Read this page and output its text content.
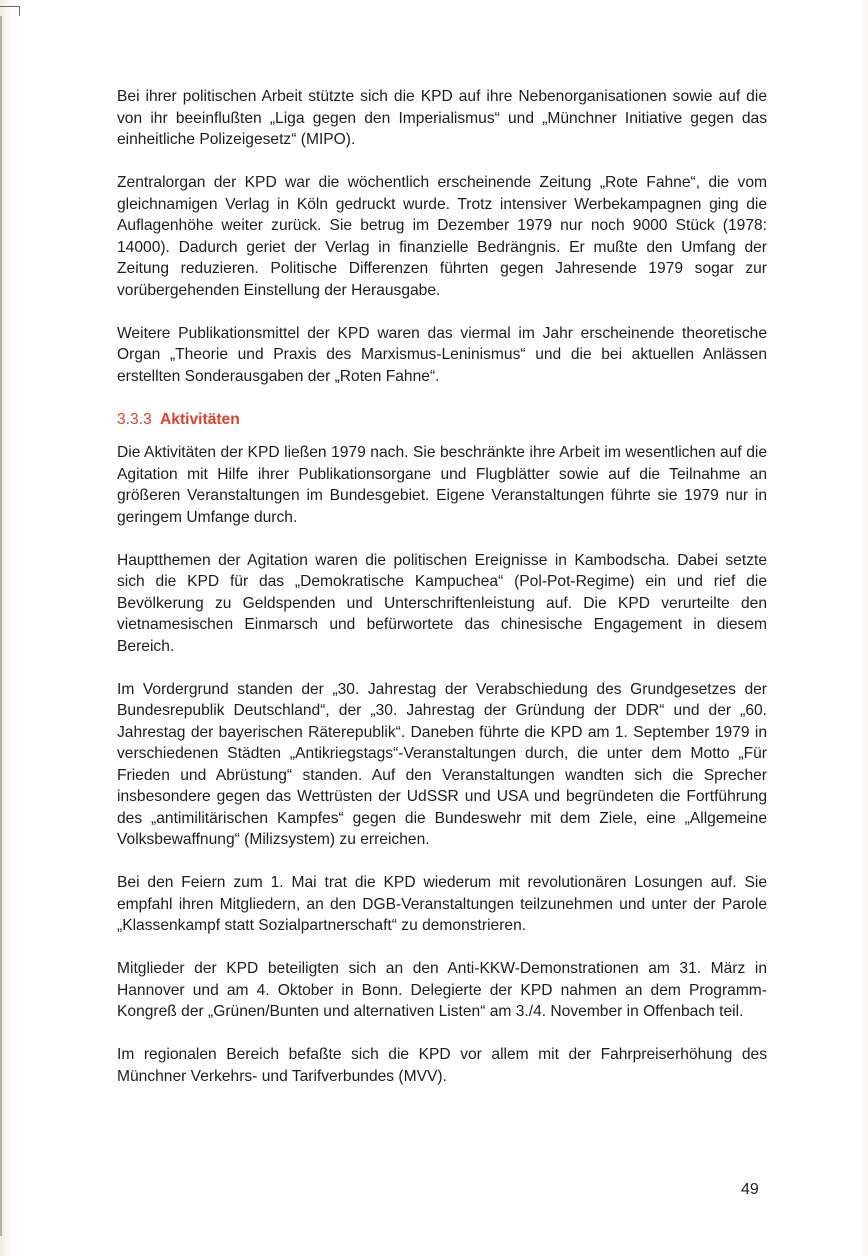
Bei ihrer politischen Arbeit stützte sich die KPD auf ihre Nebenorganisationen sowie auf die von ihr beeinflußten „Liga gegen den Imperialismus“ und „Münchner Initiative gegen das einheitliche Polizeigesetz“ (MIPO).

Zentralorgan der KPD war die wöchentlich erscheinende Zeitung „Rote Fahne“, die vom gleichnamigen Verlag in Köln gedruckt wurde. Trotz intensiver Werbekampagnen ging die Auflagenhöhe weiter zurück. Sie betrug im Dezember 1979 nur noch 9000 Stück (1978: 14000). Dadurch geriet der Verlag in finanzielle Bedrängnis. Er mußte den Umfang der Zeitung reduzieren. Politische Differenzen führten gegen Jahresende 1979 sogar zur vorübergehenden Einstellung der Herausgabe.

Weitere Publikationsmittel der KPD waren das viermal im Jahr erscheinende theoretische Organ „Theorie und Praxis des Marxismus-Leninismus“ und die bei aktuellen Anlässen erstellten Sonderausgaben der „Roten Fahne“.

3.3.3 Aktivitäten

Die Aktivitäten der KPD ließen 1979 nach. Sie beschränkte ihre Arbeit im wesentlichen auf die Agitation mit Hilfe ihrer Publikationsorgane und Flugblätter sowie auf die Teilnahme an größeren Veranstaltungen im Bundesgebiet. Eigene Veranstaltungen führte sie 1979 nur in geringem Umfange durch.

Hauptthemen der Agitation waren die politischen Ereignisse in Kambodscha. Dabei setzte sich die KPD für das „Demokratische Kampuchea“ (Pol-Pot-Regime) ein und rief die Bevölkerung zu Geldspenden und Unterschriftenleistung auf. Die KPD verurteilte den vietnamesischen Einmarsch und befürwortete das chinesische Engagement in diesem Bereich.

Im Vordergrund standen der „30. Jahrestag der Verabschiedung des Grundgesetzes der Bundesrepublik Deutschland“, der „30. Jahrestag der Gründung der DDR“ und der „60. Jahrestag der bayerischen Räterepublik“. Daneben führte die KPD am 1. September 1979 in verschiedenen Städten „Antikriegstags“-Veranstaltungen durch, die unter dem Motto „Für Frieden und Abrüstung“ standen. Auf den Veranstaltungen wandten sich die Sprecher insbesondere gegen das Wettrüsten der UdSSR und USA und begründeten die Fortführung des „antimilitärischen Kampfes“ gegen die Bundeswehr mit dem Ziele, eine „Allgemeine Volksbewaffnung“ (Milizsystem) zu erreichen.

Bei den Feiern zum 1. Mai trat die KPD wiederum mit revolutionären Losungen auf. Sie empfahl ihren Mitgliedern, an den DGB-Veranstaltungen teilzunehmen und unter der Parole „Klassenkampf statt Sozialpartnerschaft“ zu demonstrieren.

Mitglieder der KPD beteiligten sich an den Anti-KKW-Demonstrationen am 31. März in Hannover und am 4. Oktober in Bonn. Delegierte der KPD nahmen an dem Programm-Kongreß der „Grünen/Bunten und alternativen Listen“ am 3./4. November in Offenbach teil.

Im regionalen Bereich befaßte sich die KPD vor allem mit der Fahrpreiserhöhung des Münchner Verkehrs- und Tarifverbundes (MVV).

49
